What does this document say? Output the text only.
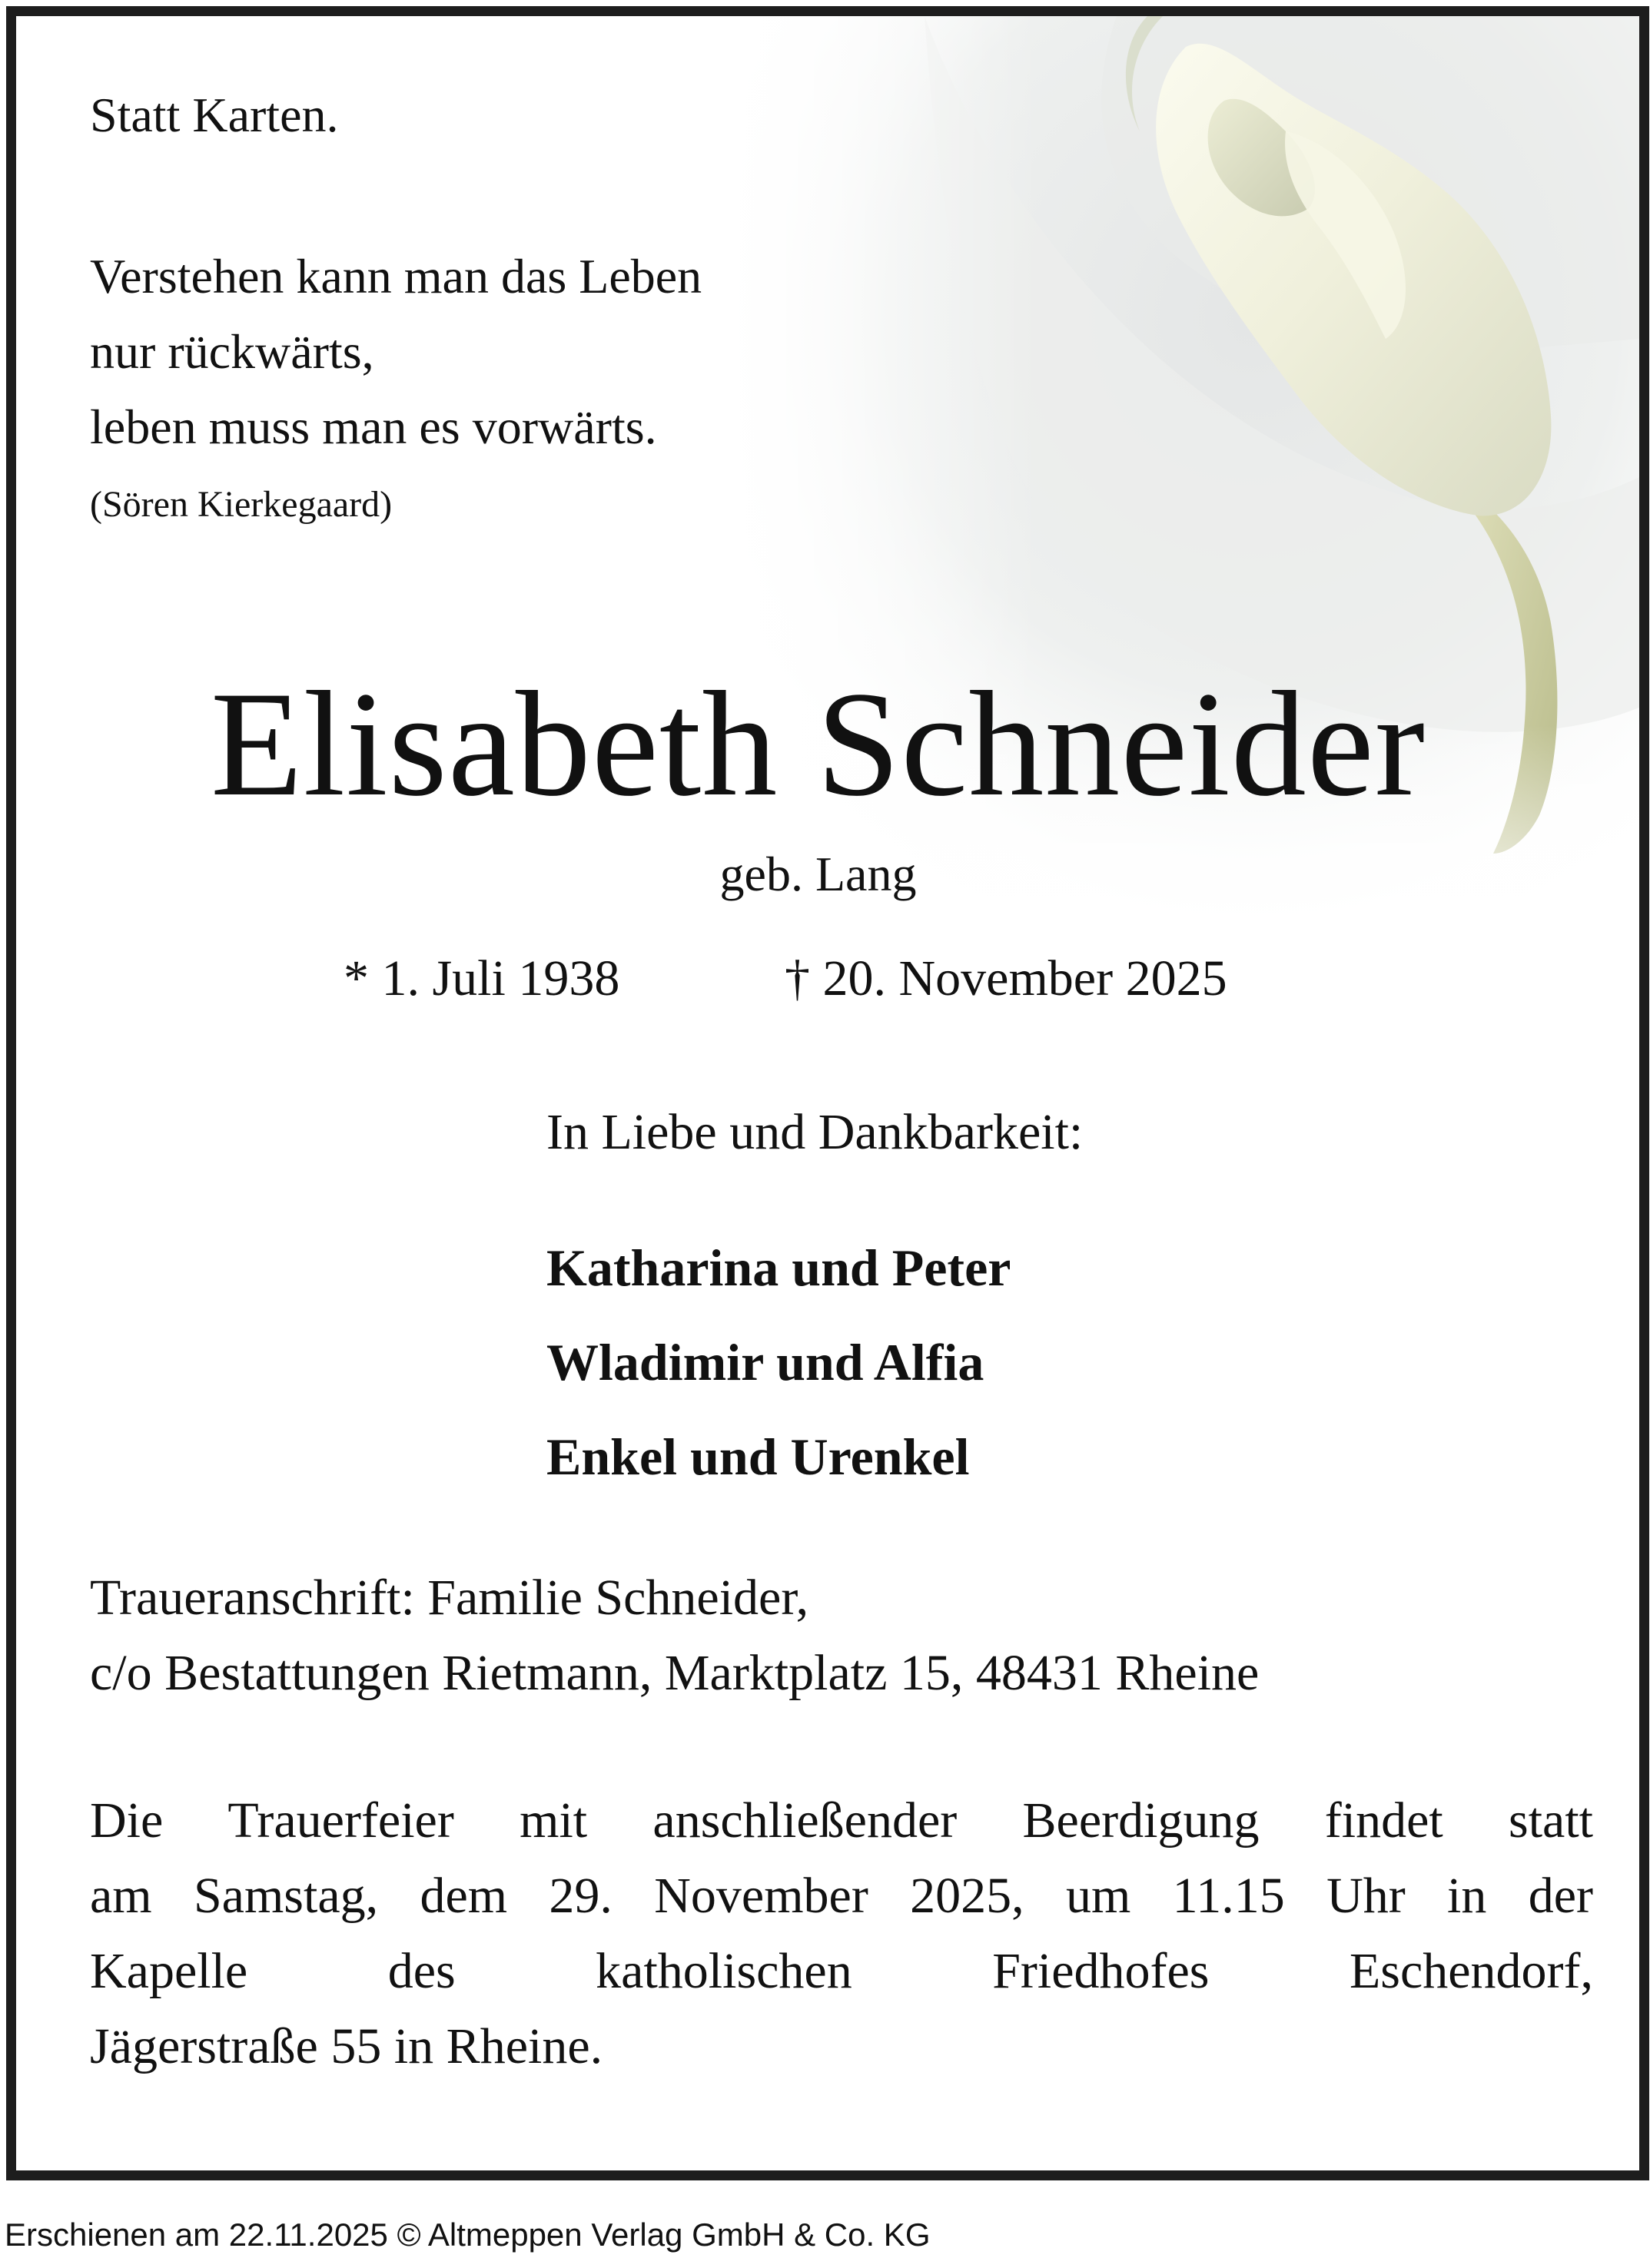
Statt Karten.
Verstehen kann man das Leben
nur rückwärts,
leben muss man es vorwärts.
(Sören Kierkegaard)
Elisabeth Schneider
geb. Lang
* 1. Juli 1938	† 20. November 2025
In Liebe und Dankbarkeit:
Katharina und Peter
Wladimir und Alfia
Enkel und Urenkel
Traueranschrift: Familie Schneider,
c/o Bestattungen Rietmann, Marktplatz 15, 48431 Rheine
Die Trauerfeier mit anschließender Beerdigung findet statt
am Samstag, dem 29. November 2025, um 11.15 Uhr in der
Kapelle des katholischen Friedhofes Eschendorf,
Jägerstraße 55 in Rheine.
Erschienen am 22.11.2025 © Altmeppen Verlag GmbH & Co. KG
